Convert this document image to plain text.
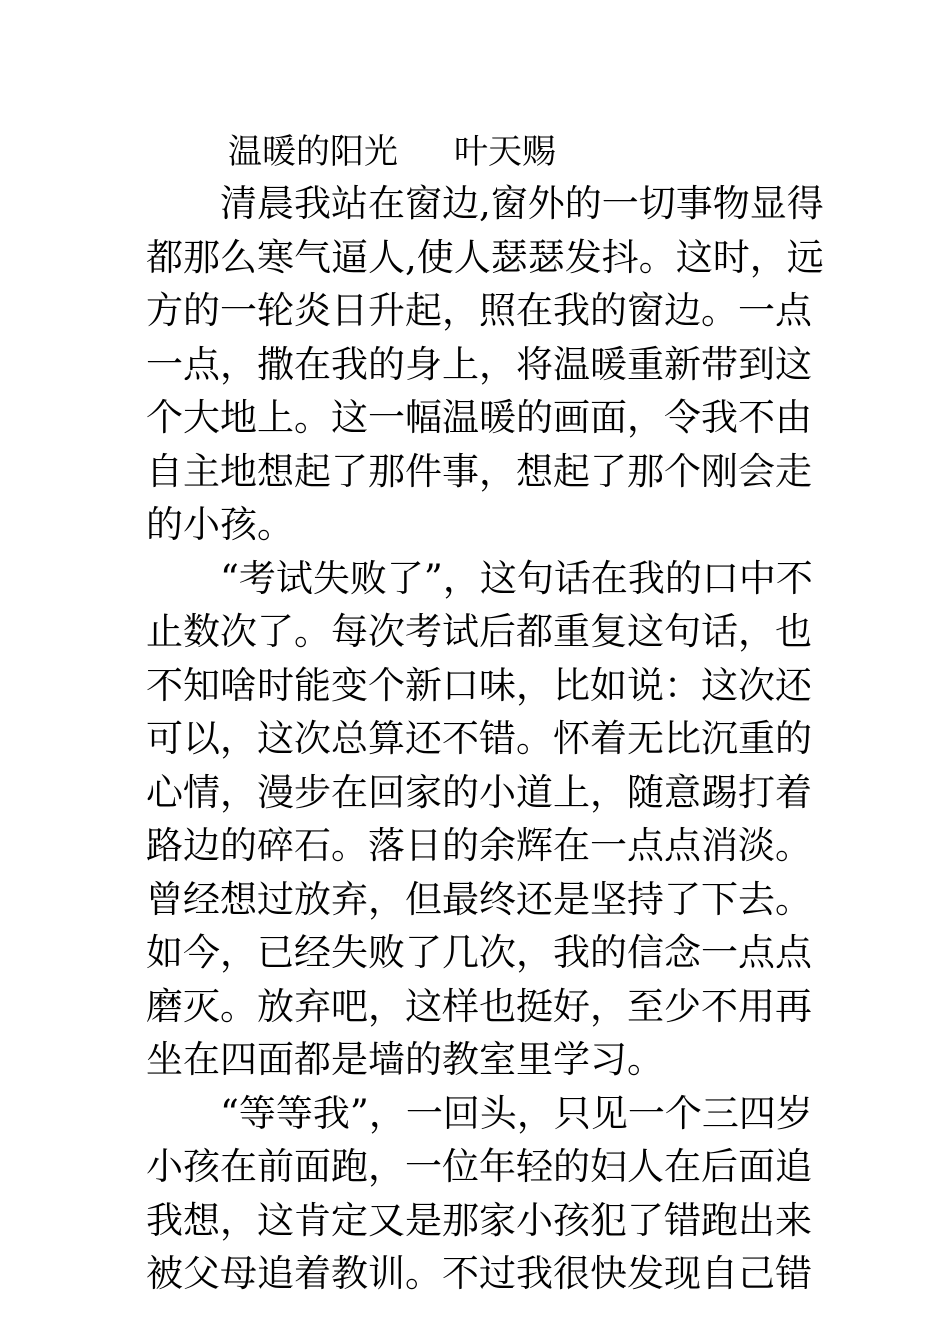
温暖的阳光 叶天赐
清晨我站在窗边,窗外的一切事物显得
都那么寒气逼人,使人瑟瑟发抖。这时，远
方的一轮炎日升起，照在我的窗边。一点
一点，撒在我的身上，将温暖重新带到这
个大地上。这一幅温暖的画面，令我不由
自主地想起了那件事，想起了那个刚会走
的小孩。
“考试失败了”，这句话在我的口中不
止数次了。每次考试后都重复这句话，也
不知啥时能变个新口味，比如说：这次还
可以，这次总算还不错。怀着无比沉重的
心情，漫步在回家的小道上，随意踢打着
路边的碎石。落日的余辉在一点点消淡。
曾经想过放弃，但最终还是坚持了下去。
如今，已经失败了几次，我的信念一点点
磨灭。放弃吧，这样也挺好，至少不用再
坐在四面都是墙的教室里学习。
“等等我”，一回头，只见一个三四岁
小孩在前面跑，一位年轻的妇人在后面追
我想，这肯定又是那家小孩犯了错跑出来
被父母追着教训。不过我很快发现自己错
